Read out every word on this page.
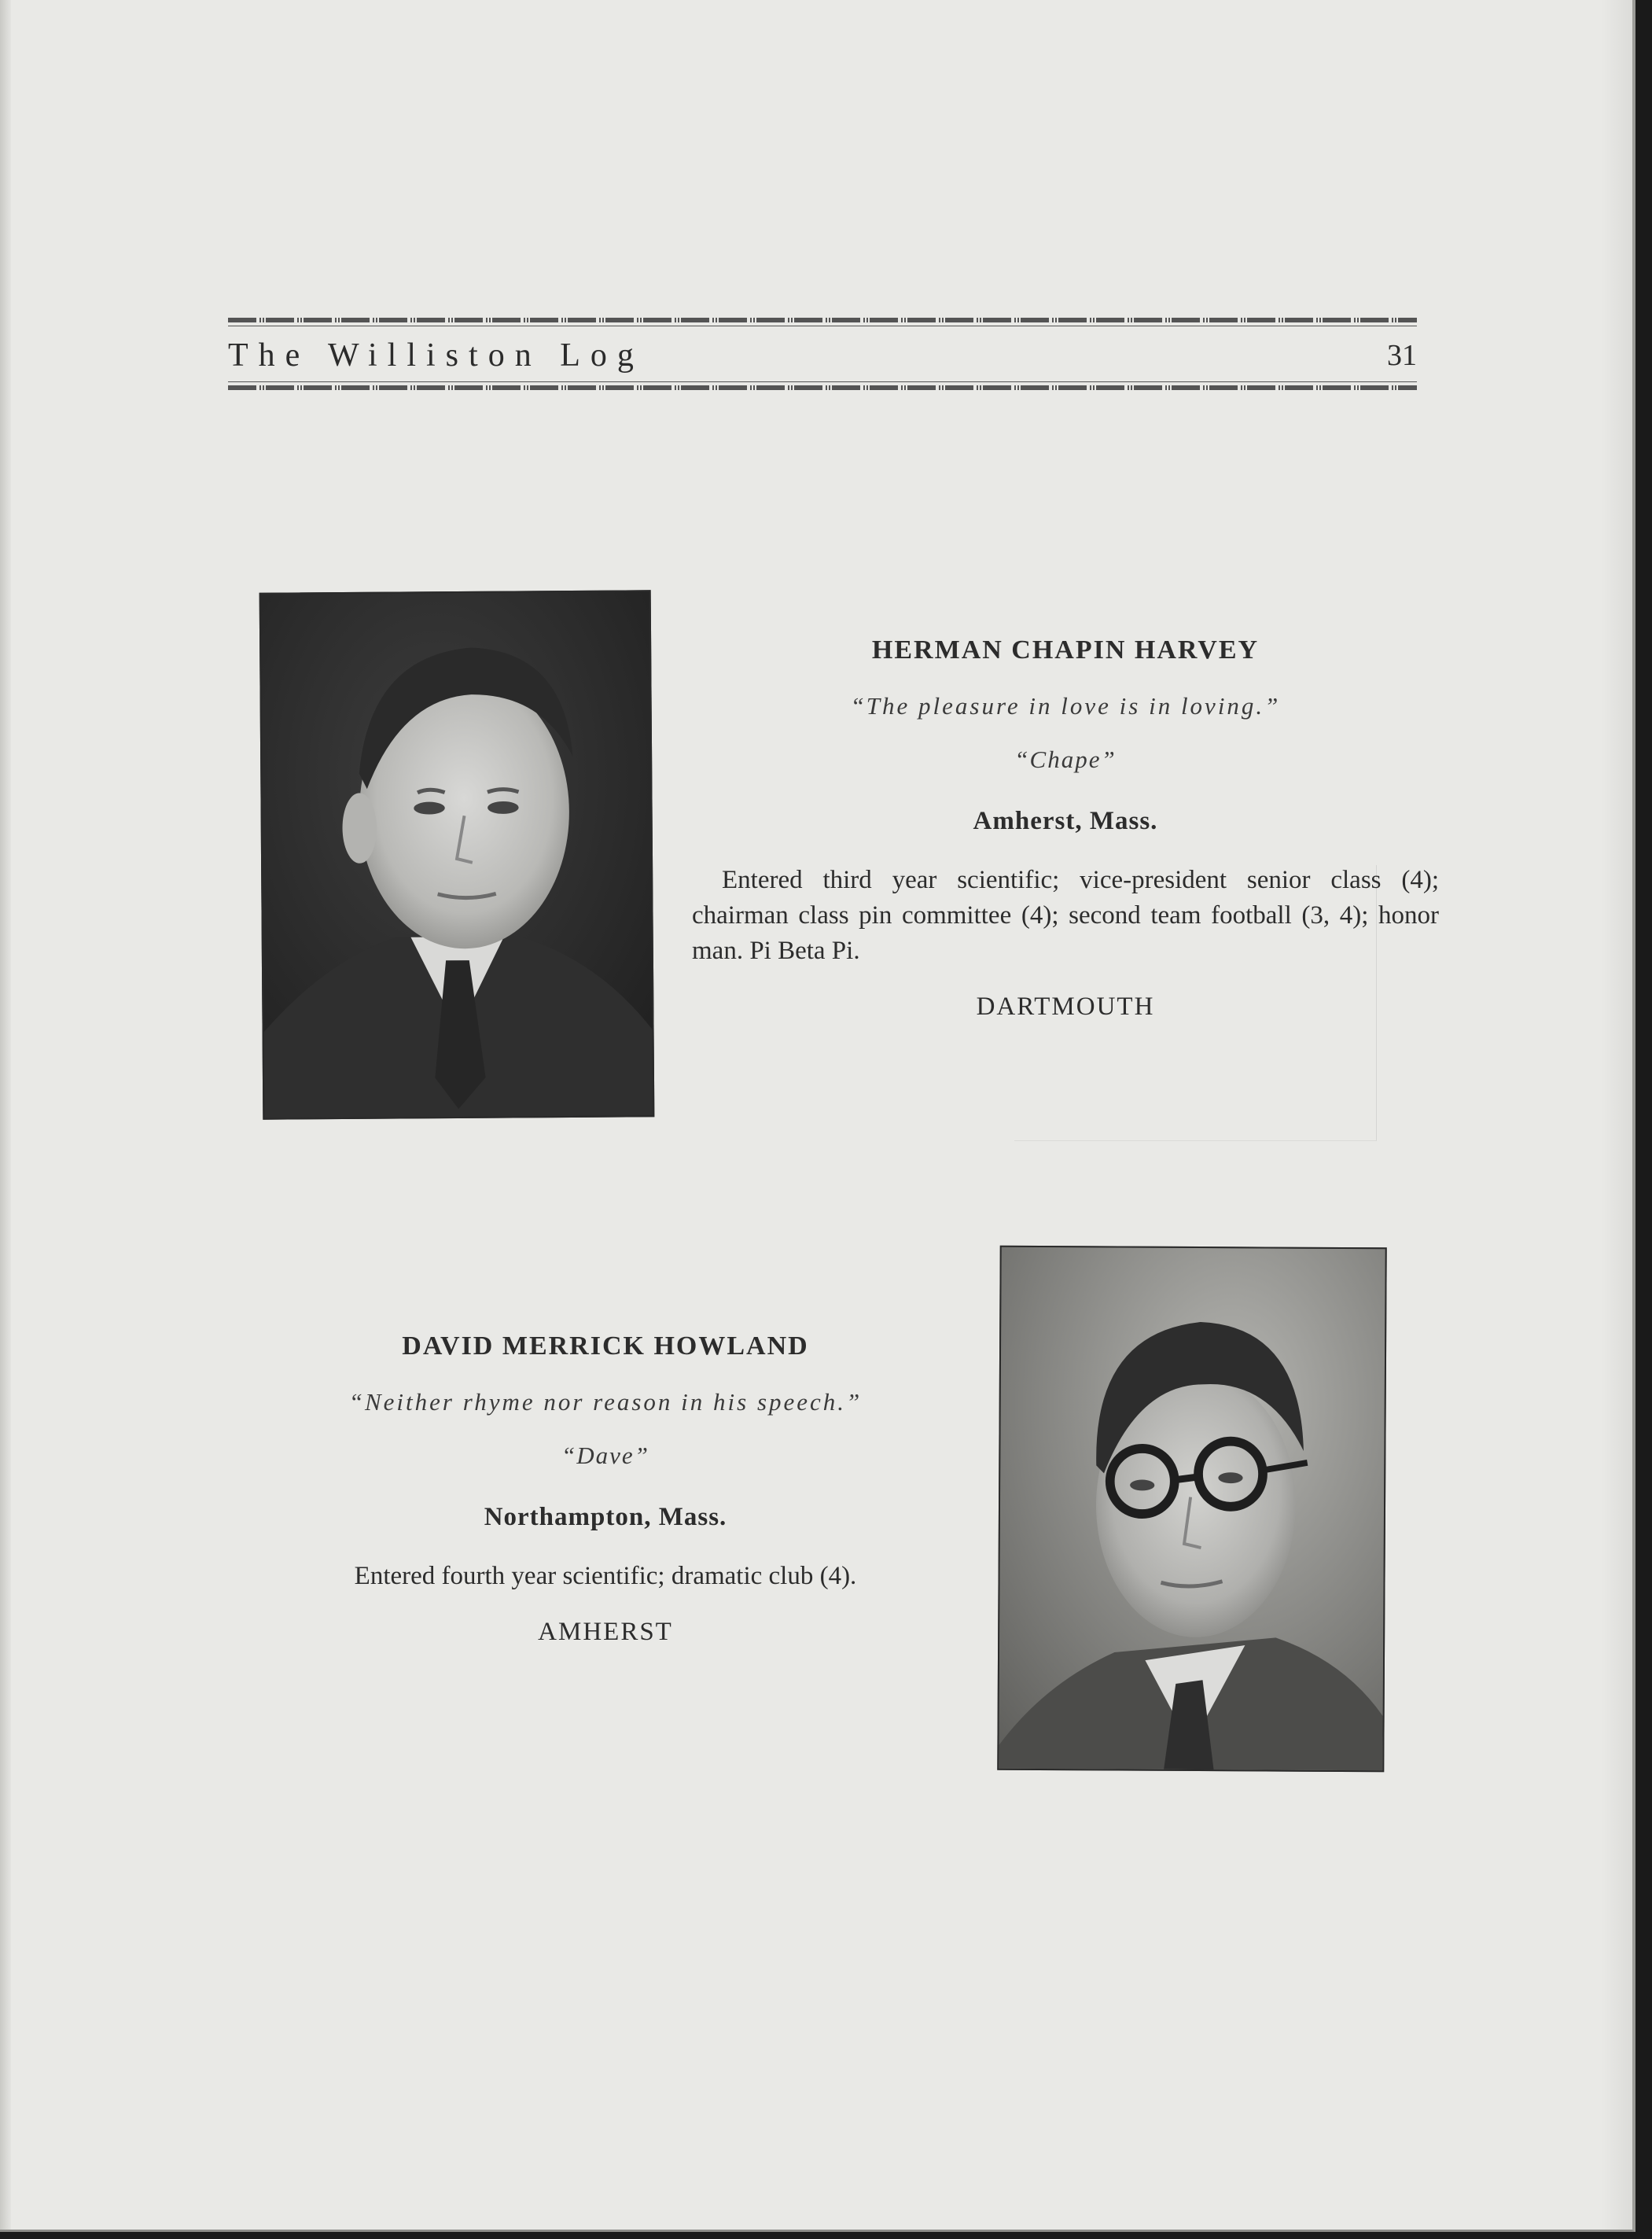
The Williston Log	31
HERMAN CHAPIN HARVEY
“The pleasure in love is in loving.”
“Chape”
Amherst, Mass.
Entered third year scientific; vice-president senior class (4); chairman class pin committee (4); second team football (3, 4); honor man. Pi Beta Pi.
DARTMOUTH
DAVID MERRICK HOWLAND
“Neither rhyme nor reason in his speech.”
“Dave”
Northampton, Mass.
Entered fourth year scientific; dramatic club (4).
AMHERST
